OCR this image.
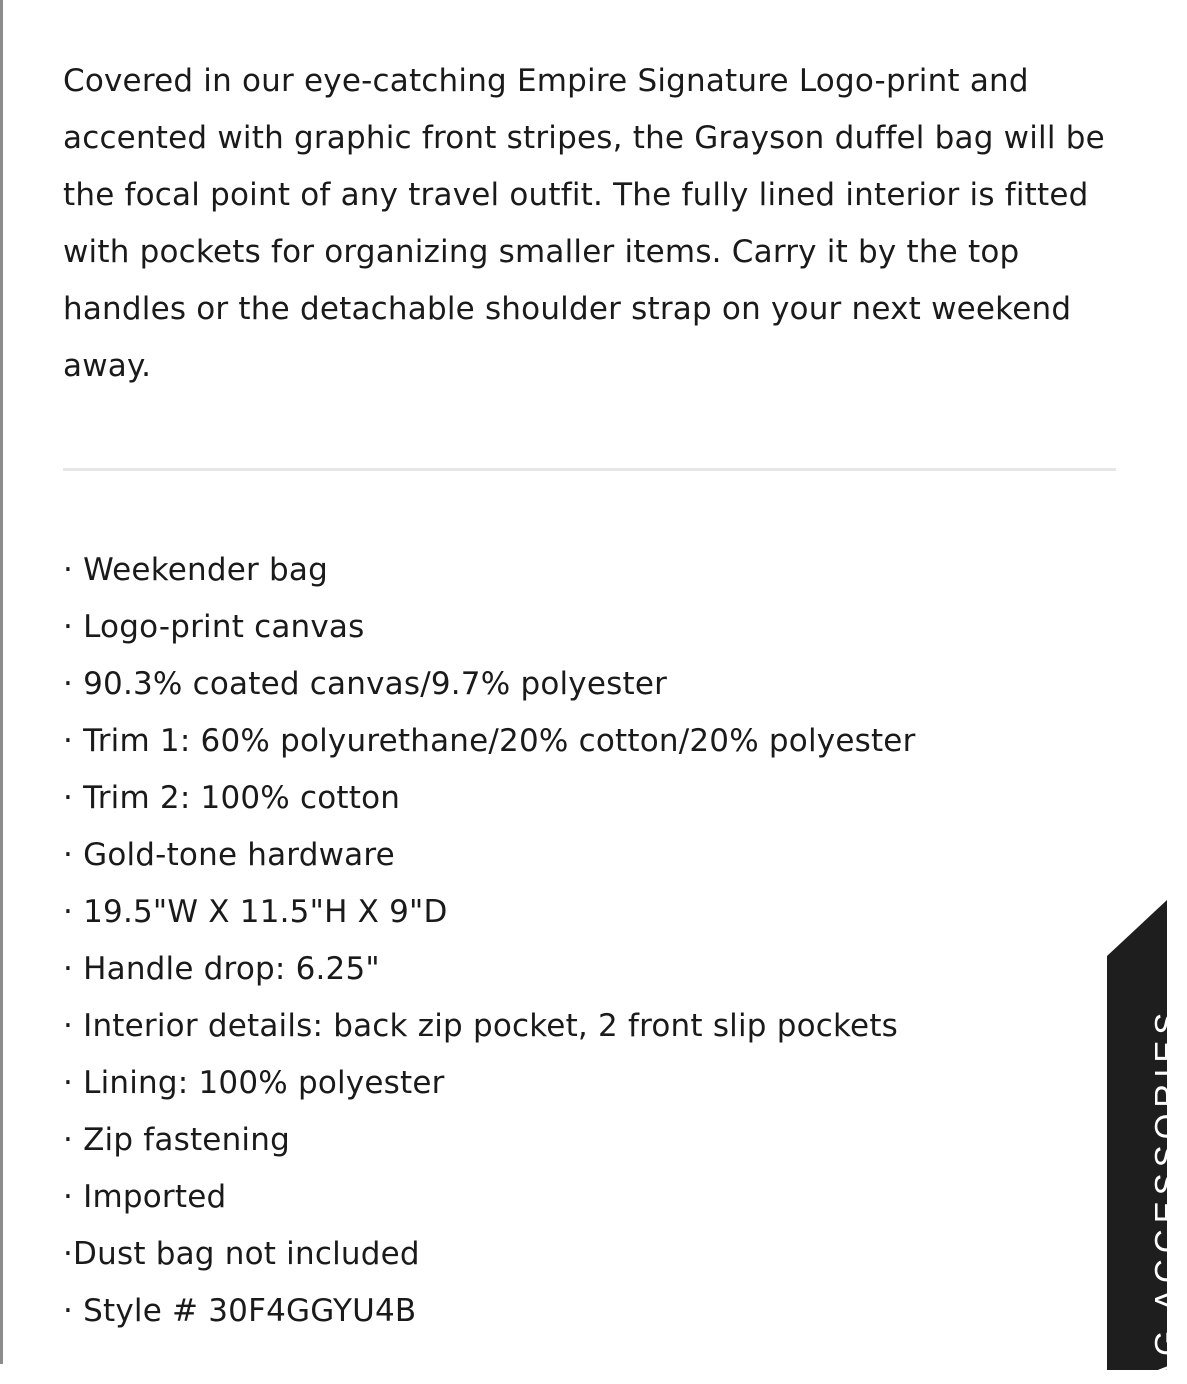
Covered in our eye-catching Empire Signature Logo-print and accented with graphic front stripes, the Grayson duffel bag will be the focal point of any travel outfit. The fully lined interior is fitted with pockets for organizing smaller items. Carry it by the top handles or the detachable shoulder strap on your next weekend away.

· Weekender bag
· Logo-print canvas
· 90.3% coated canvas/9.7% polyester
· Trim 1: 60% polyurethane/20% cotton/20% polyester
· Trim 2: 100% cotton
· Gold-tone hardware
· 19.5"W X 11.5"H X 9"D
· Handle drop: 6.25"
· Interior details: back zip pocket, 2 front slip pockets
· Lining: 100% polyester
· Zip fastening
· Imported
·Dust bag not included
· Style # 30F4GGYU4B	AG ACCESSORIES
